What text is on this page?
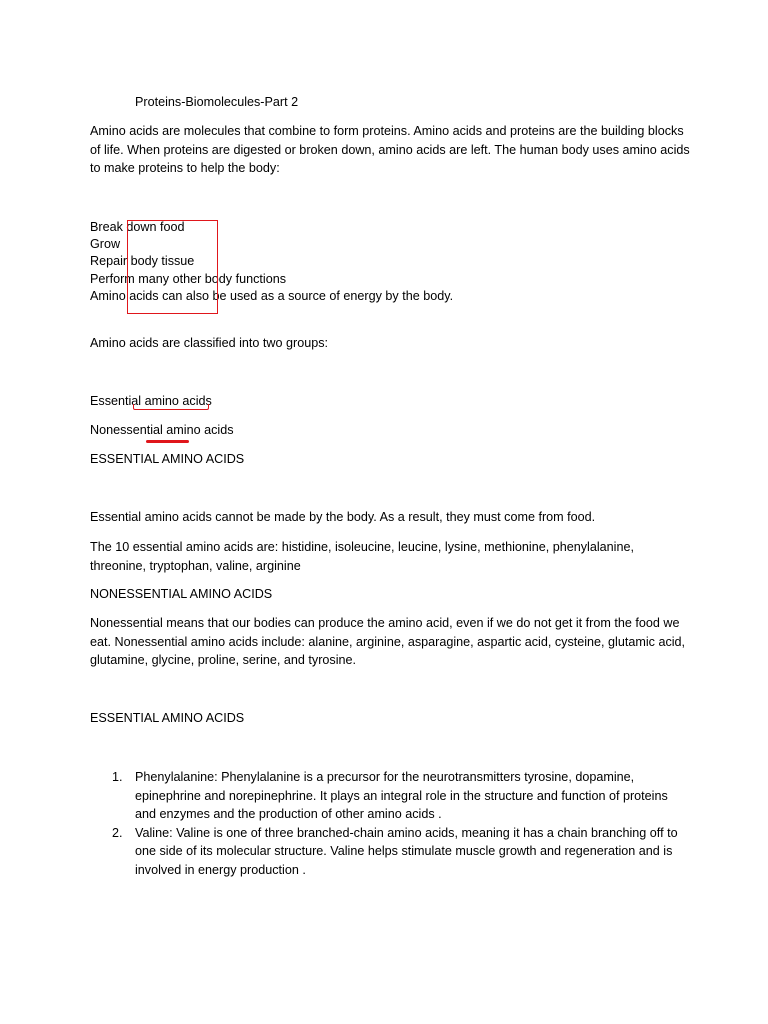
Proteins-Biomolecules-Part 2
Amino acids are molecules that combine to form proteins. Amino acids and proteins are the building blocks of life. When proteins are digested or broken down, amino acids are left. The human body uses amino acids to make proteins to help the body:
Break down food
Grow
Repair body tissue
Perform many other body functions
Amino acids can also be used as a source of energy by the body.
Amino acids are classified into two groups:
Essential amino acids
Nonessential amino acids
ESSENTIAL AMINO ACIDS
Essential amino acids cannot be made by the body. As a result, they must come from food.
The 10 essential amino acids are: histidine, isoleucine, leucine, lysine, methionine, phenylalanine, threonine, tryptophan, valine, arginine
NONESSENTIAL AMINO ACIDS
Nonessential means that our bodies can produce the amino acid, even if we do not get it from the food we eat. Nonessential amino acids include: alanine, arginine, asparagine, aspartic acid, cysteine, glutamic acid, glutamine, glycine, proline, serine, and tyrosine.
ESSENTIAL AMINO ACIDS
1. Phenylalanine: Phenylalanine is a precursor for the neurotransmitters tyrosine, dopamine, epinephrine and norepinephrine. It plays an integral role in the structure and function of proteins and enzymes and the production of other amino acids .
2. Valine: Valine is one of three branched-chain amino acids, meaning it has a chain branching off to one side of its molecular structure. Valine helps stimulate muscle growth and regeneration and is involved in energy production .
